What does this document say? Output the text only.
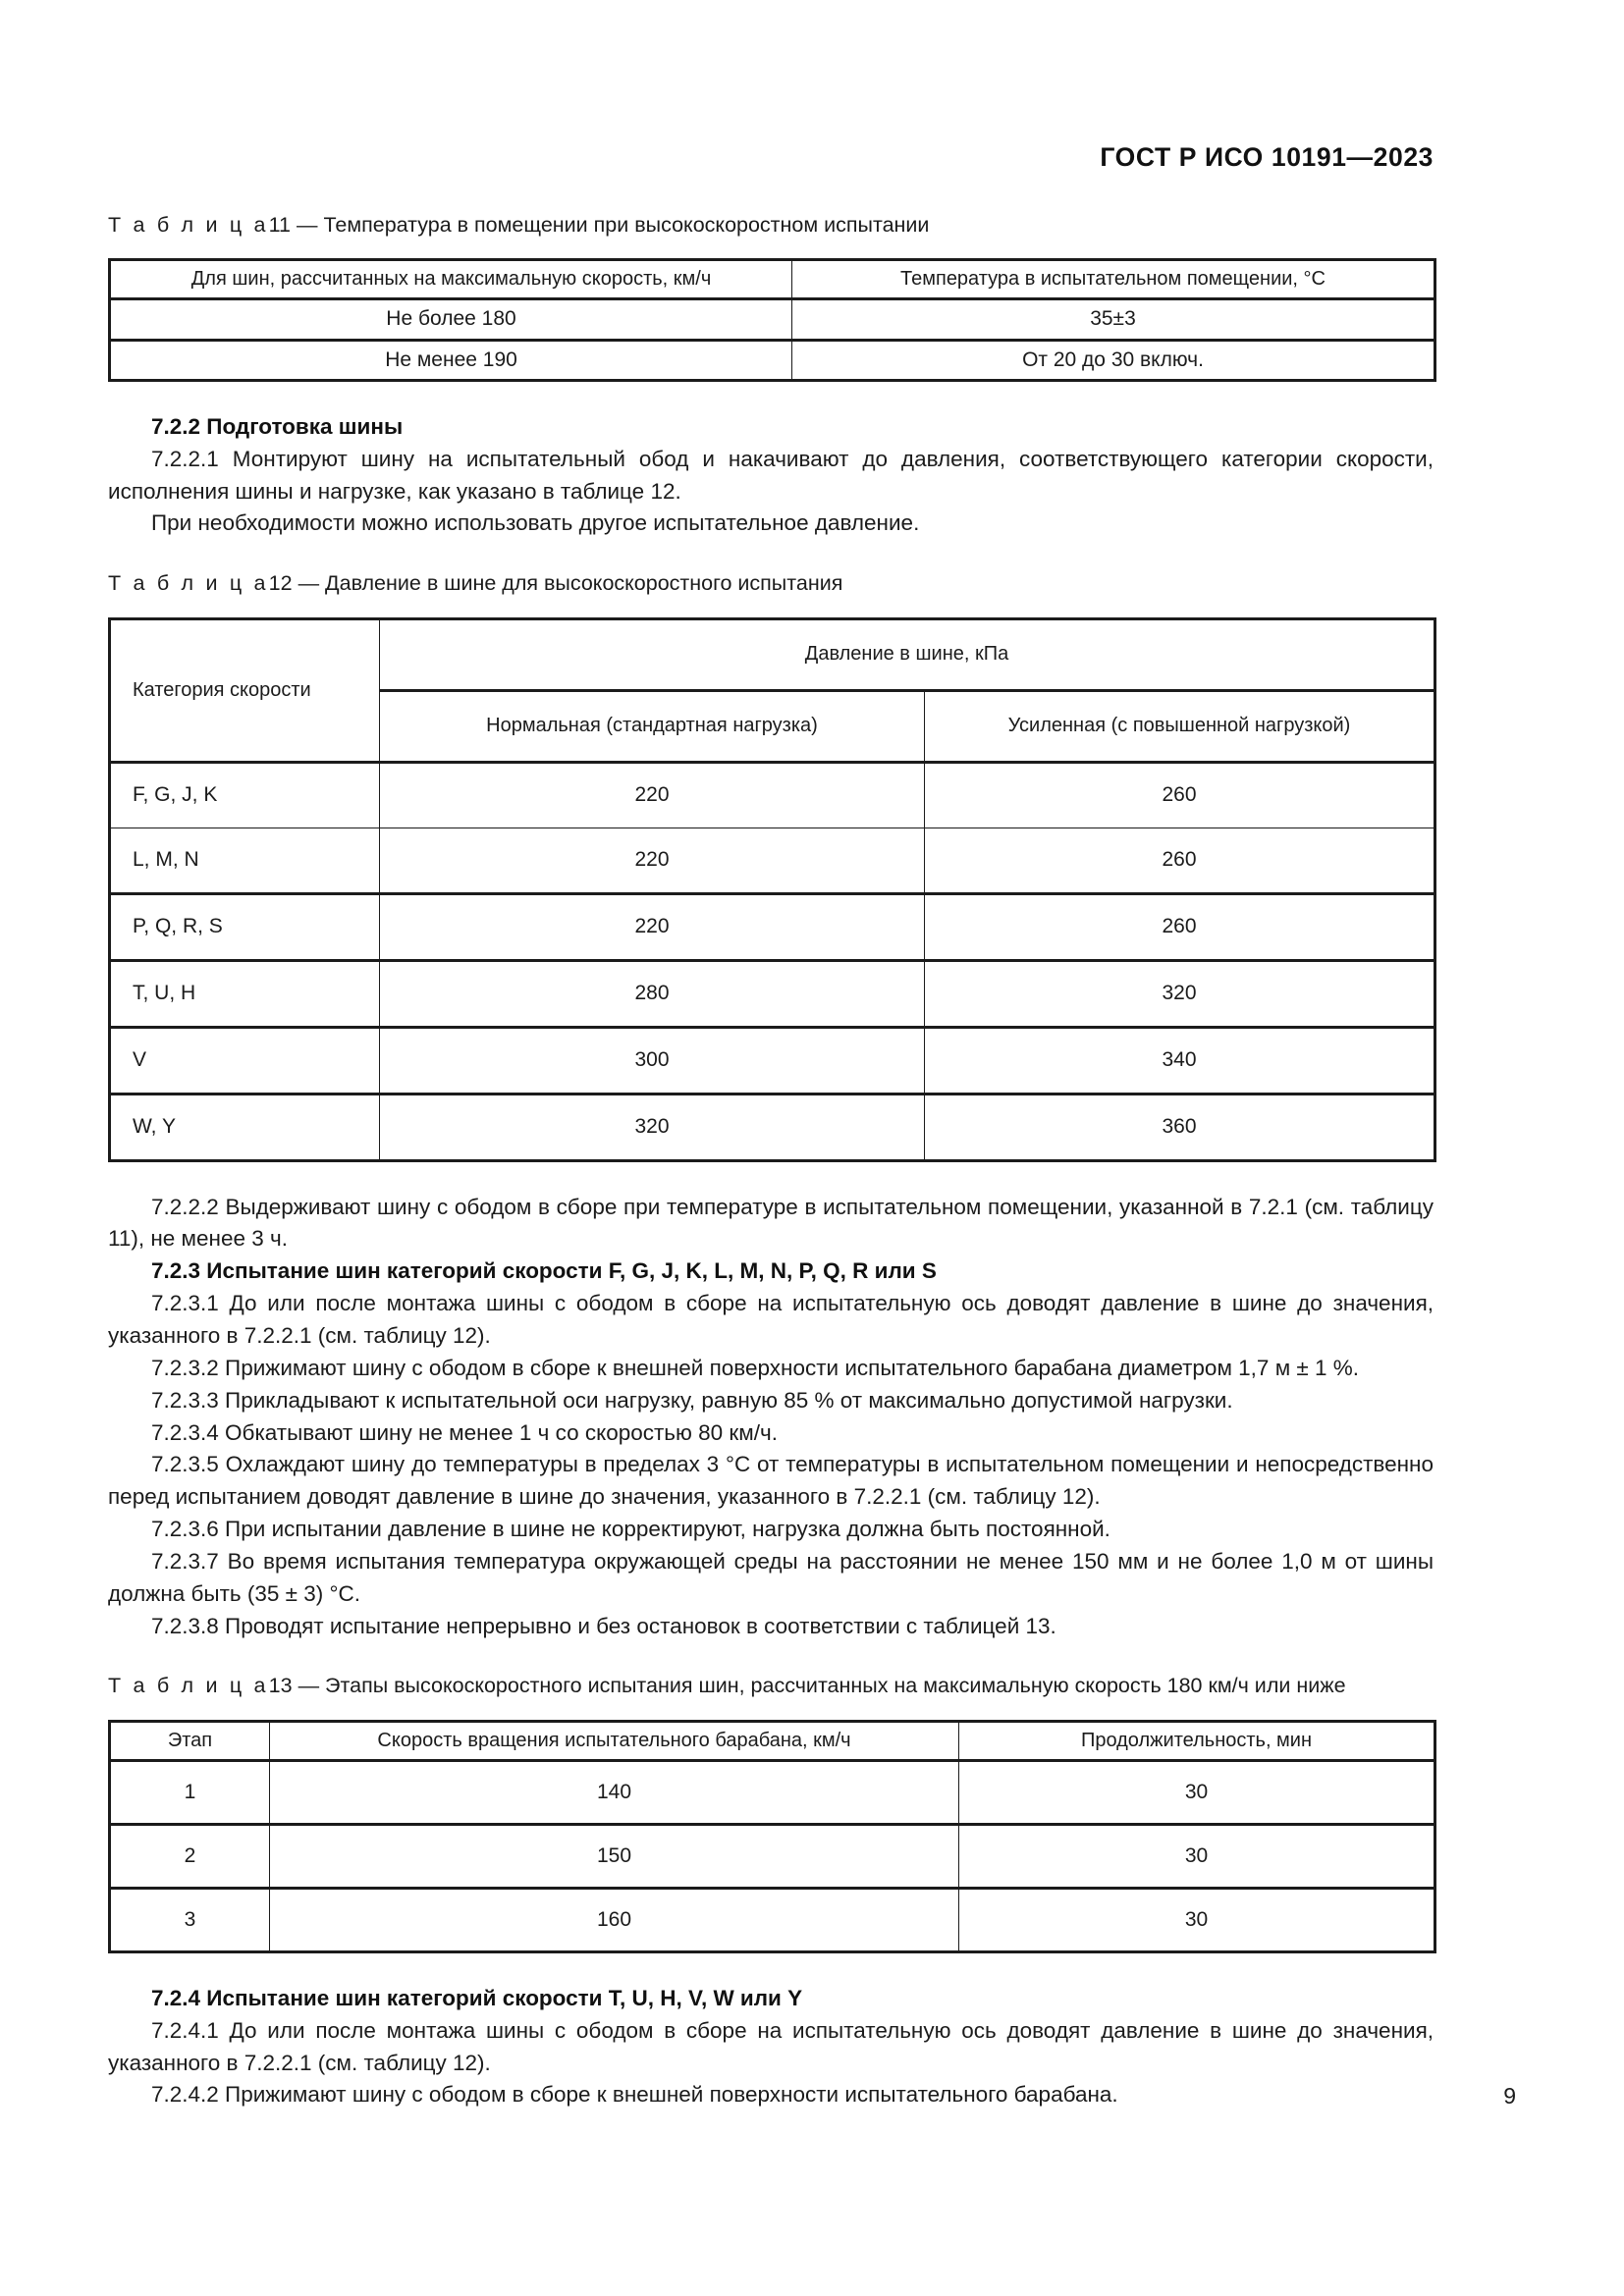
ГОСТ Р ИСО 10191—2023

Т а б л и ц а11 — Температура в помещении при высокоскоростном испытании

Для шин, рассчитанных на максимальную скорость, км/ч	Температура в испытательном помещении, °С
Не более 180	35±3
Не менее 190	От 20 до 30 включ.
7.2.2 Подготовка шины

7.2.2.1 Монтируют шину на испытательный обод и накачивают до давления, соответствующего категории скорости, исполнения шины и нагрузке, как указано в таблице 12.

При необходимости можно использовать другое испытательное давление.

Т а б л и ц а12 — Давление в шине для высокоскоростного испытания

Категория скорости	Давление в шине, кПа	
	Нормальная (стандартная нагрузка)	Усиленная (с повышенной нагрузкой)
F, G, J, K	220	260
L, M, N	220	260
P, Q, R, S	220	260
T, U, H	280	320
V	300	340
W, Y	320	360

7.2.2.2 Выдерживают шину с ободом в сборе при температуре в испытательном помещении, указанной в 7.2.1 (см. таблицу 11), не менее 3 ч.

7.2.3 Испытание шин категорий скорости F, G, J, K, L, M, N, P, Q, R или S

7.2.3.1 До или после монтажа шины с ободом в сборе на испытательную ось доводят давление в шине до значения, указанного в 7.2.2.1 (см. таблицу 12).

7.2.3.2 Прижимают шину с ободом в сборе к внешней поверхности испытательного барабана диаметром 1,7 м ± 1 %.

7.2.3.3 Прикладывают к испытательной оси нагрузку, равную 85 % от максимально допустимой нагрузки.

7.2.3.4 Обкатывают шину не менее 1 ч со скоростью 80 км/ч.

7.2.3.5 Охлаждают шину до температуры в пределах 3 °С от температуры в испытательном помещении и непосредственно перед испытанием доводят давление в шине до значения, указанного в 7.2.2.1 (см. таблицу 12).

7.2.3.6 При испытании давление в шине не корректируют, нагрузка должна быть постоянной.

7.2.3.7 Во время испытания температура окружающей среды на расстоянии не менее 150 мм и не более 1,0 м от шины должна быть (35 ± 3) °С.

7.2.3.8 Проводят испытание непрерывно и без остановок в соответствии с таблицей 13.

Т а б л и ц а13 — Этапы высокоскоростного испытания шин, рассчитанных на максимальную скорость 180 км/ч или ниже

Этап	Скорость вращения испытательного барабана, км/ч	Продолжительность, мин
1	140	30
2	150	30
3	160	30
7.2.4 Испытание шин категорий скорости T, U, H, V, W или Y

7.2.4.1 До или после монтажа шины с ободом в сборе на испытательную ось доводят давление в шине до значения, указанного в 7.2.2.1 (см. таблицу 12).

7.2.4.2 Прижимают шину с ободом в сборе к внешней поверхности испытательного барабана.	9
